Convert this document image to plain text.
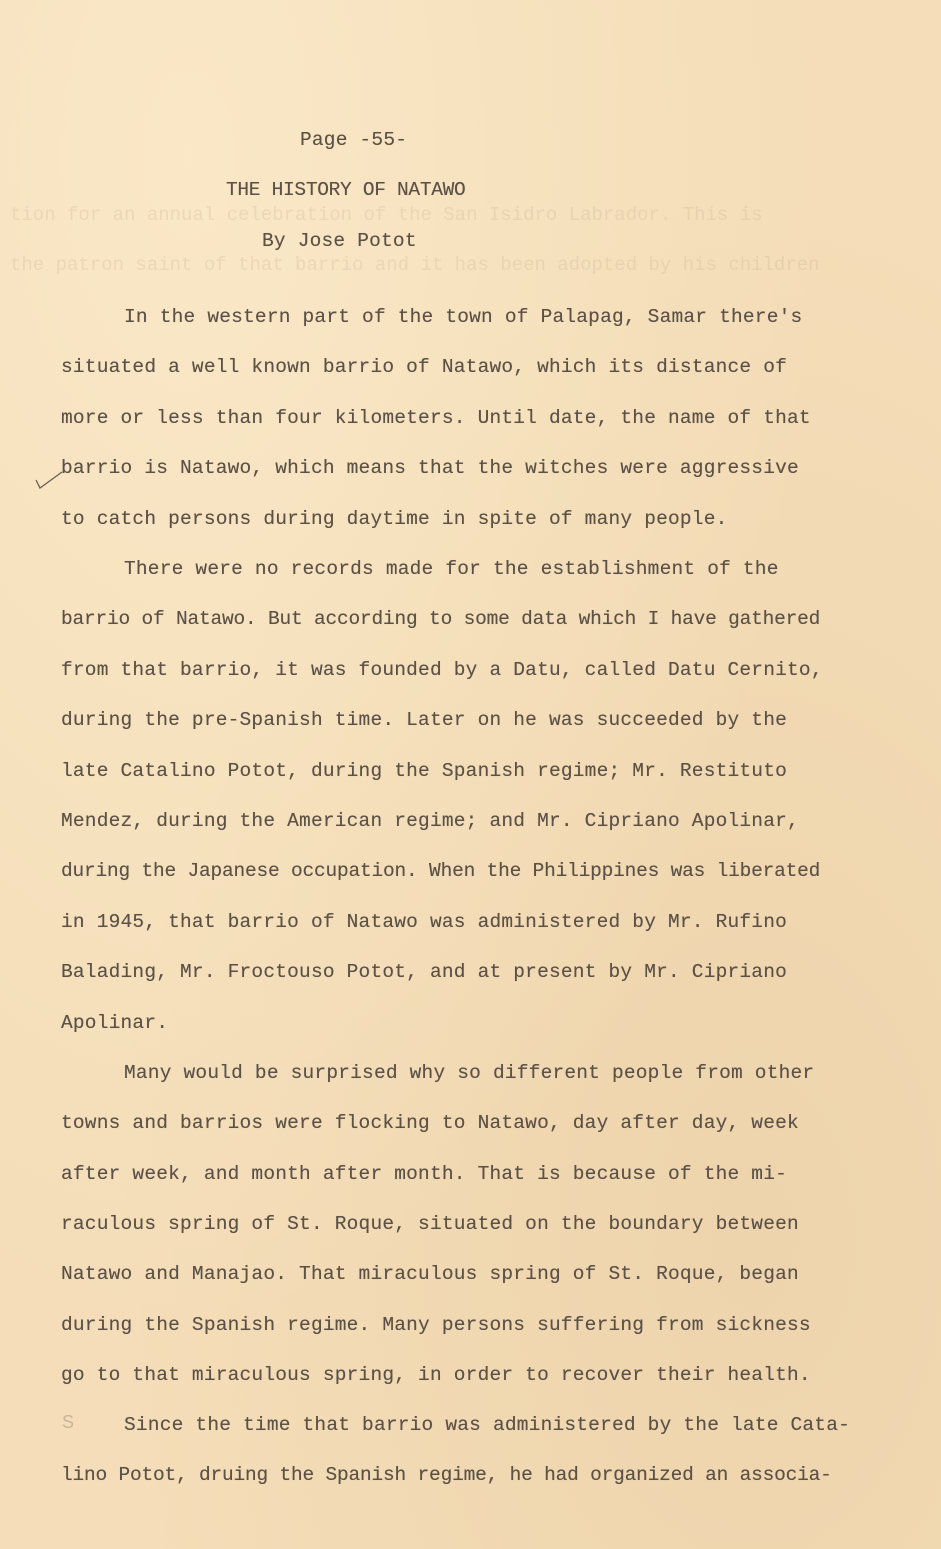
tion for an annual celebration of the San Isidro Labrador. This is
the patron saint of that barrio and it has been adopted by his children
Page -55-
THE HISTORY OF NATAWO
By Jose Potot
In the western part of the town of Palapag, Samar there's
situated a well known barrio of Natawo, which its distance of
more or less than four kilometers. Until date, the name of that
barrio is Natawo, which means that the witches were aggressive
to catch persons during daytime in spite of many people.
There were no records made for the establishment of the
barrio of Natawo. But according to some data which I have gathered
from that barrio, it was founded by a Datu, called Datu Cernito,
during the pre-Spanish time. Later on he was succeeded by the
late Catalino Potot, during the Spanish regime; Mr. Restituto
Mendez, during the American regime; and Mr. Cipriano Apolinar,
during the Japanese occupation. When the Philippines was liberated
in 1945, that barrio of Natawo was administered by Mr. Rufino
Balading, Mr. Froctouso Potot, and at present by Mr. Cipriano
Apolinar.
Many would be surprised why so different people from other
towns and barrios were flocking to Natawo, day after day, week
after week, and month after month. That is because of the mi-
raculous spring of St. Roque, situated on the boundary between
Natawo and Manajao. That miraculous spring of St. Roque, began
during the Spanish regime. Many persons suffering from sickness
go to that miraculous spring, in order to recover their health.
Since the time that barrio was administered by the late Cata-
lino Potot, druing the Spanish regime, he had organized an associa-
S
